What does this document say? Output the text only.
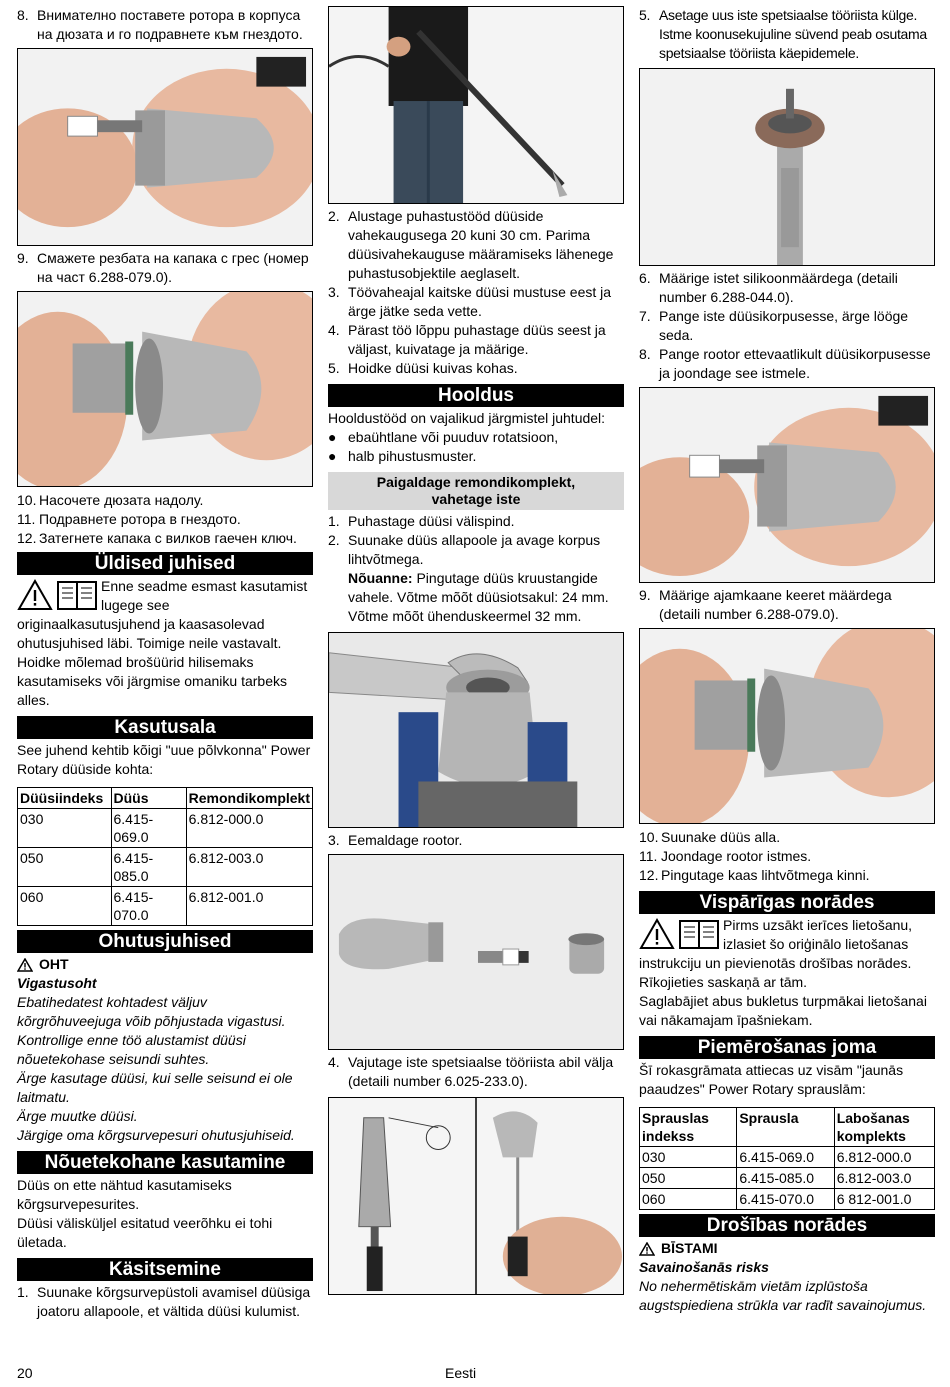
8. Внимателно поставете ротора в корпуса на дюзата и го подравнете към гнездото.
9. Смажете резбата на капака с грес (номер на част 6.288-079.0).
10. Насочете дюзата надолу.
11. Подравнете ротора в гнездото.
12. Затегнете капака с вилков гаечен ключ.
Üldised juhised

Enne seadme esmast kasutamist lugege see originaalkasutusjuhend ja kaasasolevad ohutusjuhised läbi. Toimige neile vastavalt.

Hoidke mõlemad brošüürid hilisemaks kasutamiseks või järgmise omaniku tarbeks alles.

Kasutusala

See juhend kehtib kõigi "uue põlvkonna" Power Rotary düüside kohta:

Düüsiindeks	Düüs	Remondikomplekt
030	6.415-069.0	6.812-000.0
050	6.415-085.0	6.812-003.0
060	6.415-070.0	6.812-001.0
Ohutusjuhised
OHT

Vigastusoht

Ebatihedatest kohtadest väljuv kõrgrõhuveejuga võib põhjustada vigastusi.

Kontrollige enne töö alustamist düüsi nõuetekohase seisundi suhtes.

Ärge kasutage düüsi, kui selle seisund ei ole laitmatu.

Ärge muutke düüsi.

Järgige oma kõrgsurvepesuri ohutusjuhiseid.

Nõuetekohane kasutamine

Düüs on ette nähtud kasutamiseks kõrgsurvepesurites.

Düüsi välisküljel esitatud veerõhku ei tohi ületada.

Käsitsemine
1. Suunake kõrgsurvepüstoli avamisel düüsiga joatoru allapoole, et vältida düüsi kulumist.
2. Alustage puhastustööd düüside vahekaugusega 20 kuni 30 cm. Parima düüsivahekauguse määramiseks lähenege puhastusobjektile aeglaselt.
3. Töövaheajal kaitske düüsi mustuse eest ja ärge jätke seda vette.
4. Pärast töö lõppu puhastage düüs seest ja väljast, kuivatage ja määrige.
5. Hoidke düüsi kuivas kohas.
Hooldus

Hooldustööd on vajalikud järgmistel juhtudel:

● ebaühtlane või puuduv rotatsioon,
● halb pihustusmuster.
Paigaldage remondikomplekt, vahetage iste
1. Puhastage düüsi välispind.
2. Suunake düüs allapoole ja avage korpus lihtvõtmega.
Nõuanne: Pingutage düüs kruustangide vahele. Võtme mõõt düüsiotsakul: 24 mm. Võtme mõõt ühenduskeermel 32 mm.
3. Eemaldage rootor.
4. Vajutage iste spetsiaalse tööriista abil välja (detaili number 6.025-233.0).
5. Asetage uus iste spetsiaalse tööriista külge. Istme koonusekujuline süvend peab osutama spetsiaalse tööriista käepidemele.
6. Määrige istet silikoonmäärdega (detaili number 6.288-044.0).
7. Pange iste düüsikorpusesse, ärge lööge seda.
8. Pange rootor ettevaatlikult düüsikorpusesse ja joondage see istmele.
9. Määrige ajamkaane keeret määrdega (detaili number 6.288-079.0).
10. Suunake düüs alla.
11. Joondage rootor istmes.
12. Pingutage kaas lihtvõtmega kinni.
Vispārīgas norādes

Pirms uzsākt ierīces lietošanu, izlasiet šo oriģinālo lietošanas instrukciju un pievienotās drošības norādes. Rīkojieties saskaņā ar tām.

Saglabājiet abus bukletus turpmākai lietošanai vai nākamajam īpašniekam.

Piemērošanas joma

Šī rokasgrāmata attiecas uz visām "jaunās paaudzes" Power Rotary sprauslām:

Sprauslas indekss	Sprausla	Labošanas komplekts
030	6.415-069.0	6.812-000.0
050	6.415-085.0	6.812-003.0
060	6.415-070.0	6 812-001.0
Drošības norādes
BĪSTAMI

Savainošanās risks

No nehermētiskām vietām izplūstoša augstspiediena strūkla var radīt savainojumus.

20	Eesti
